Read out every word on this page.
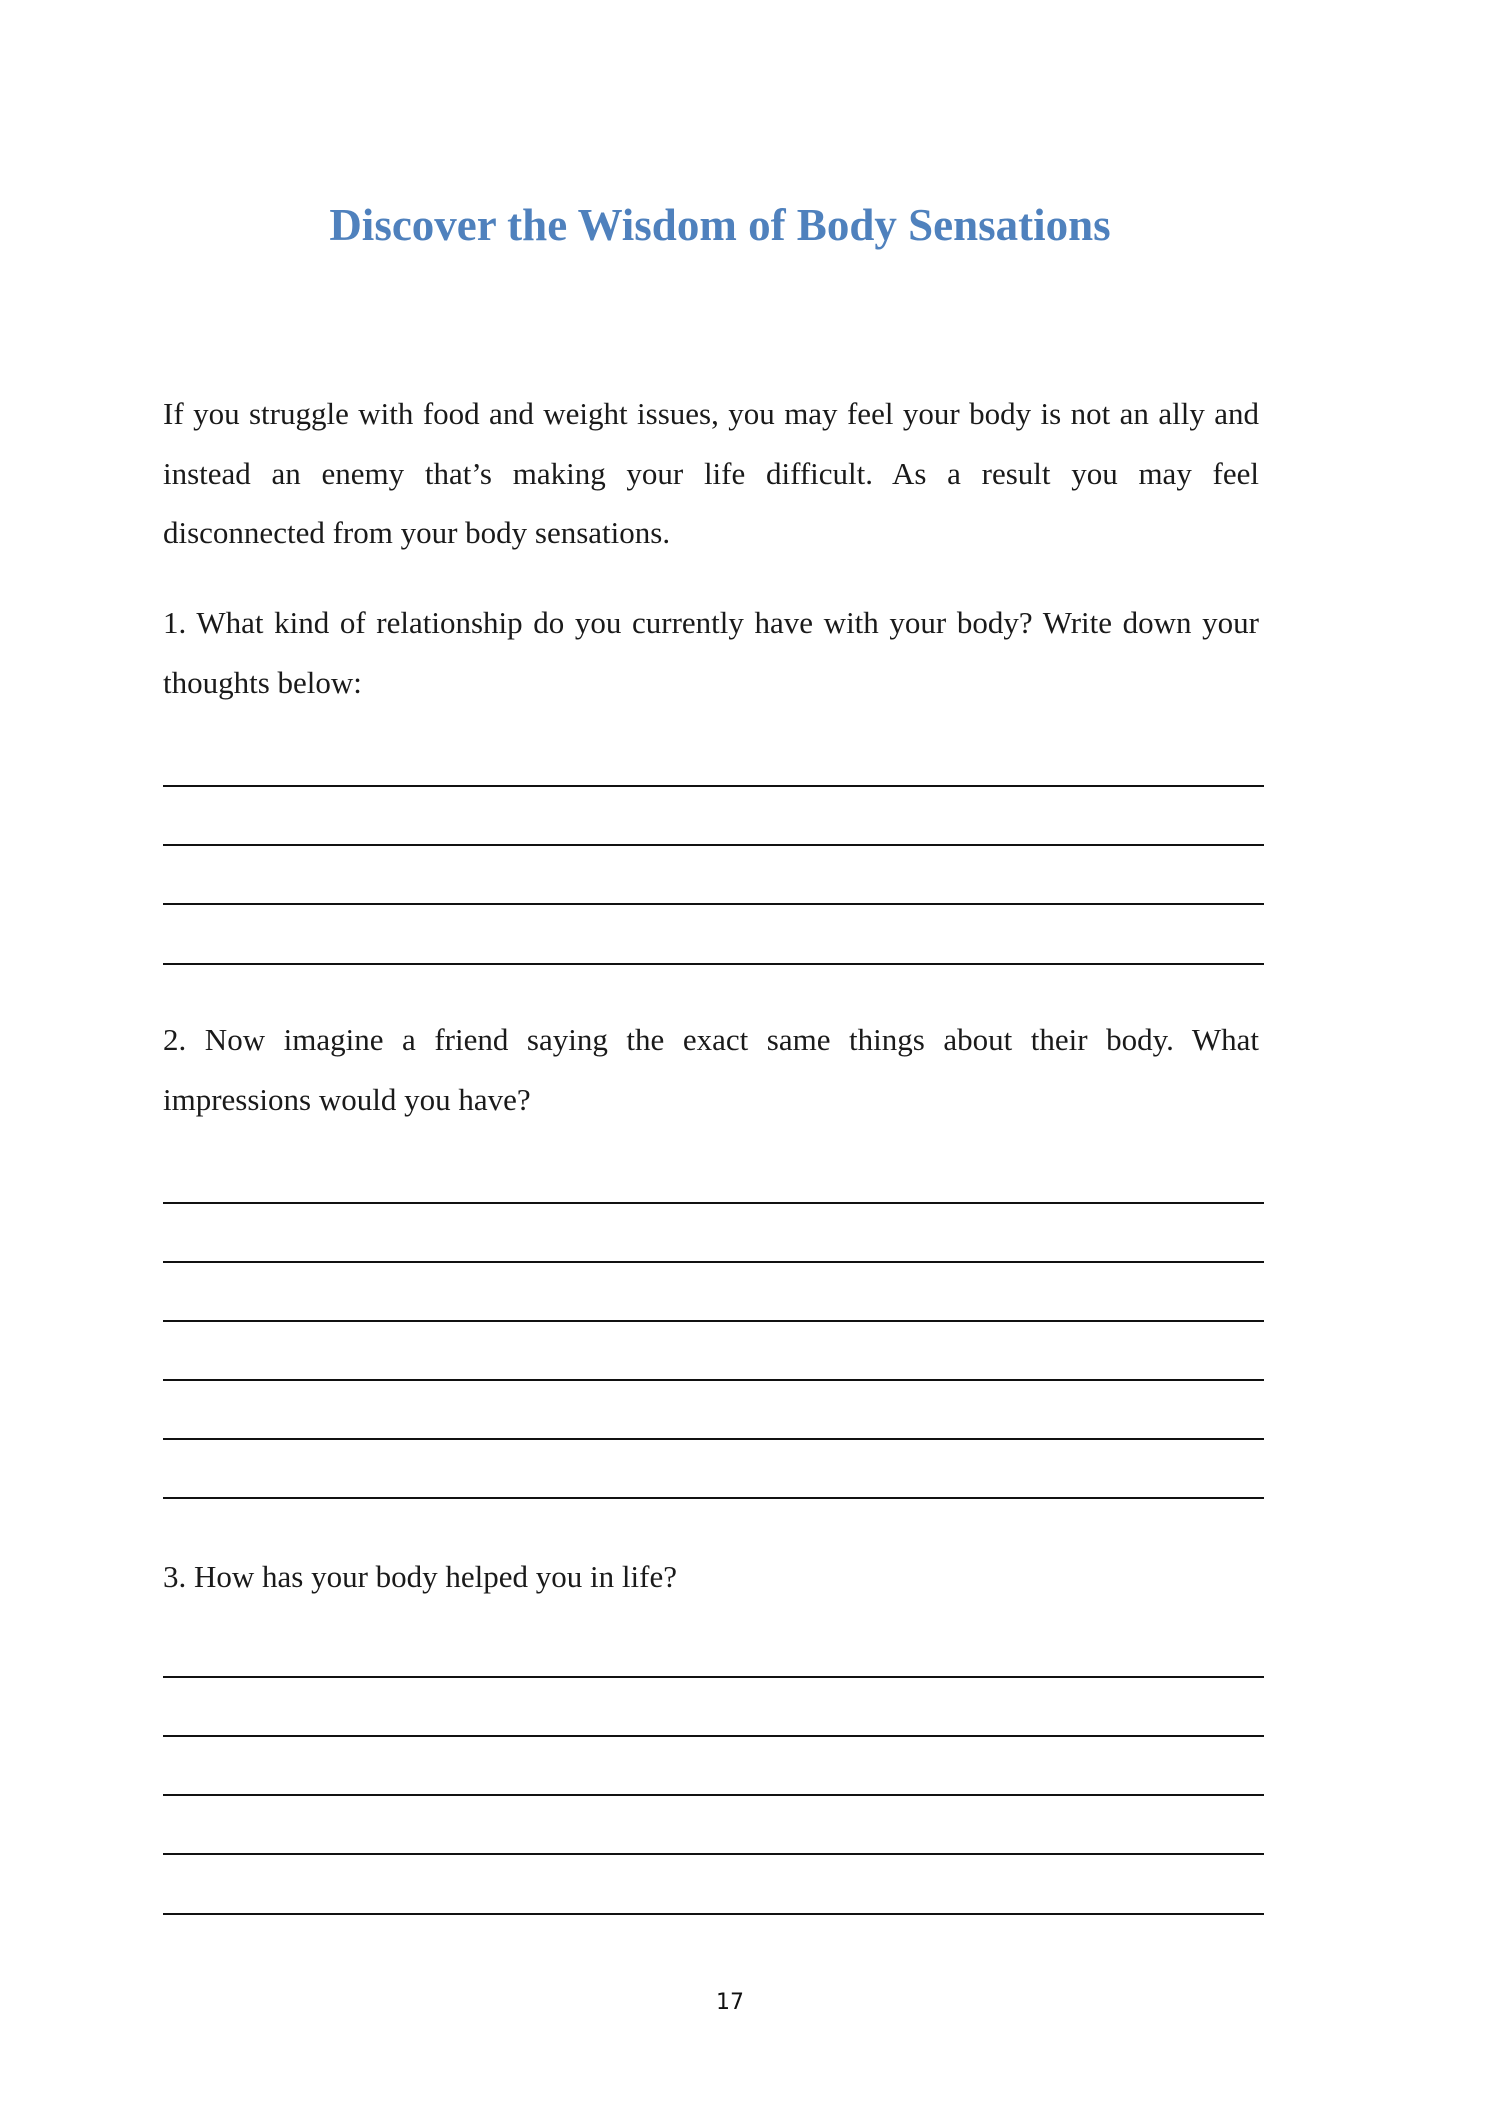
Discover the Wisdom of Body Sensations

If you struggle with food and weight issues, you may feel your body is not an ally and instead an enemy that’s making your life difficult. As a result you may feel disconnected from your body sensations.

1. What kind of relationship do you currently have with your body? Write down your thoughts below:

2. Now imagine a friend saying the exact same things about their body. What impressions would you have?

3. How has your body helped you in life?

17
